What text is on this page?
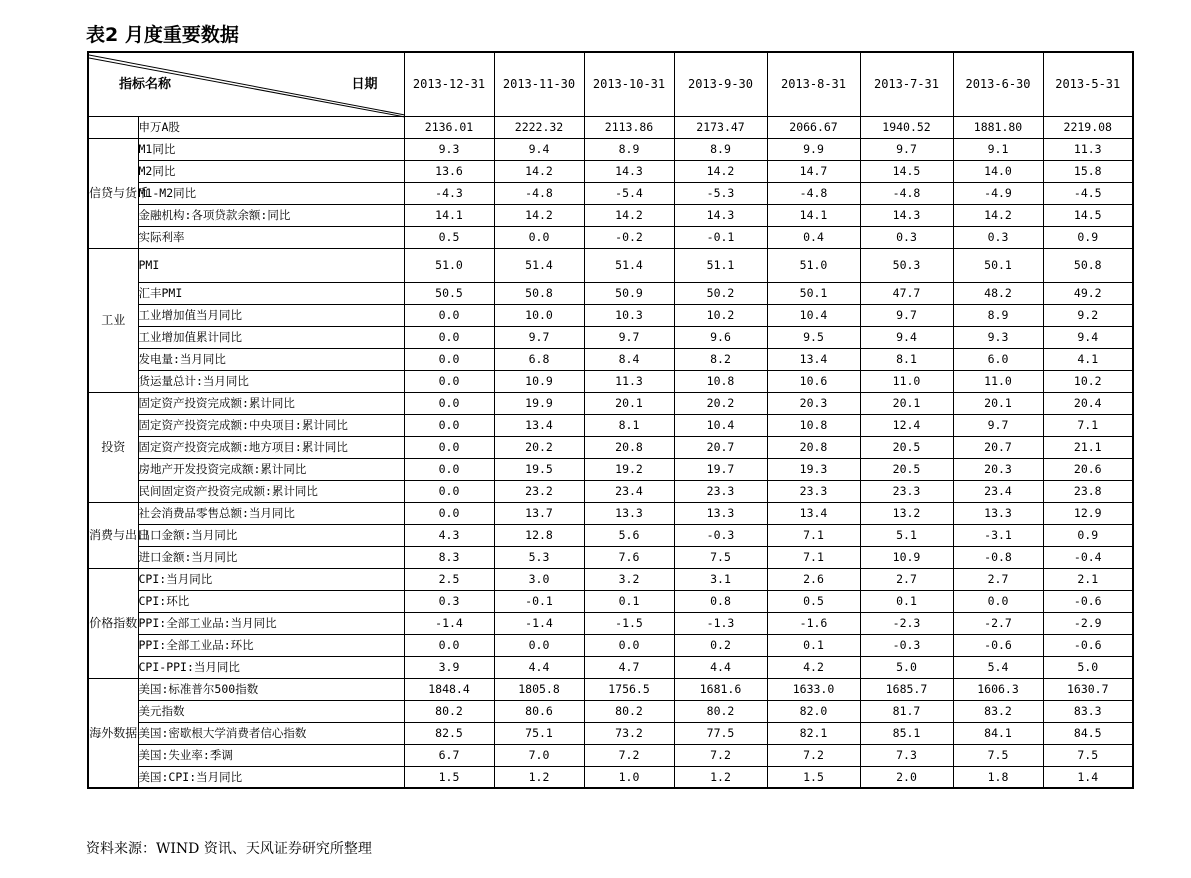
表2 月度重要数据
指标名称 日期		2013-12-31	2013-11-30	2013-10-31	2013-9-30	2013-8-31	2013-7-31	2013-6-30	2013-5-31
	申万A股	2136.01	2222.32	2113.86	2173.47	2066.67	1940.52	1881.80	2219.08
信贷与货币	M1同比	9.3	9.4	8.9	8.9	9.9	9.7	9.1	11.3
	M2同比	13.6	14.2	14.3	14.2	14.7	14.5	14.0	15.8
	M1-M2同比	-4.3	-4.8	-5.4	-5.3	-4.8	-4.8	-4.9	-4.5
	金融机构:各项贷款余额:同比	14.1	14.2	14.2	14.3	14.1	14.3	14.2	14.5
	实际利率	0.5	0.0	-0.2	-0.1	0.4	0.3	0.3	0.9
工业	PMI	51.0	51.4	51.4	51.1	51.0	50.3	50.1	50.8
	汇丰PMI	50.5	50.8	50.9	50.2	50.1	47.7	48.2	49.2
	工业增加值当月同比	0.0	10.0	10.3	10.2	10.4	9.7	8.9	9.2
	工业增加值累计同比	0.0	9.7	9.7	9.6	9.5	9.4	9.3	9.4
	发电量:当月同比	0.0	6.8	8.4	8.2	13.4	8.1	6.0	4.1
	货运量总计:当月同比	0.0	10.9	11.3	10.8	10.6	11.0	11.0	10.2
投资	固定资产投资完成额:累计同比	0.0	19.9	20.1	20.2	20.3	20.1	20.1	20.4
	固定资产投资完成额:中央项目:累计同比	0.0	13.4	8.1	10.4	10.8	12.4	9.7	7.1
	固定资产投资完成额:地方项目:累计同比	0.0	20.2	20.8	20.7	20.8	20.5	20.7	21.1
	房地产开发投资完成额:累计同比	0.0	19.5	19.2	19.7	19.3	20.5	20.3	20.6
	民间固定资产投资完成额:累计同比	0.0	23.2	23.4	23.3	23.3	23.3	23.4	23.8
消费与出口	社会消费品零售总额:当月同比	0.0	13.7	13.3	13.3	13.4	13.2	13.3	12.9
	出口金额:当月同比	4.3	12.8	5.6	-0.3	7.1	5.1	-3.1	0.9
	进口金额:当月同比	8.3	5.3	7.6	7.5	7.1	10.9	-0.8	-0.4
价格指数	CPI:当月同比	2.5	3.0	3.2	3.1	2.6	2.7	2.7	2.1
	CPI:环比	0.3	-0.1	0.1	0.8	0.5	0.1	0.0	-0.6
	PPI:全部工业品:当月同比	-1.4	-1.4	-1.5	-1.3	-1.6	-2.3	-2.7	-2.9
	PPI:全部工业品:环比	0.0	0.0	0.0	0.2	0.1	-0.3	-0.6	-0.6
	CPI-PPI:当月同比	3.9	4.4	4.7	4.4	4.2	5.0	5.4	5.0
海外数据	美国:标准普尔500指数	1848.4	1805.8	1756.5	1681.6	1633.0	1685.7	1606.3	1630.7
	美元指数	80.2	80.6	80.2	80.2	82.0	81.7	83.2	83.3
	美国:密歇根大学消费者信心指数	82.5	75.1	73.2	77.5	82.1	85.1	84.1	84.5
	美国:失业率:季调	6.7	7.0	7.2	7.2	7.2	7.3	7.5	7.5
	美国:CPI:当月同比	1.5	1.2	1.0	1.2	1.5	2.0	1.8	1.4
资料来源：WIND 资讯、天风证券研究所整理
